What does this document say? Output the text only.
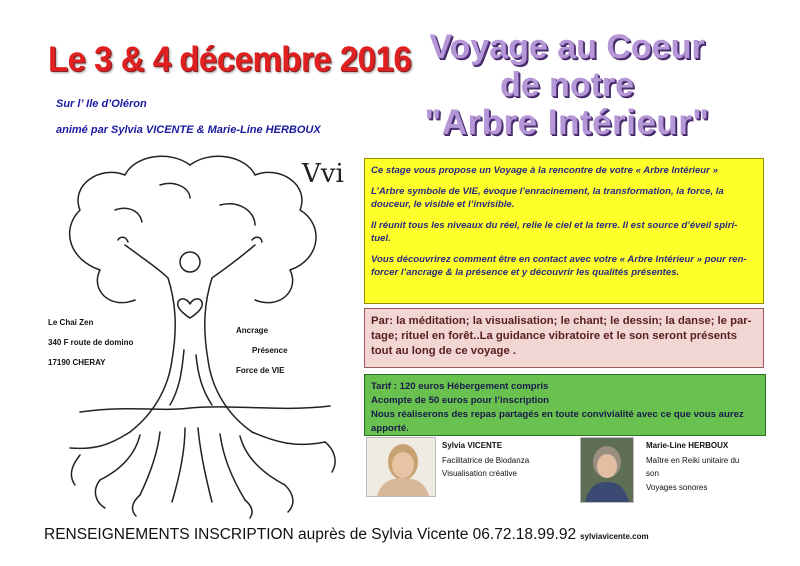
Le 3 & 4 décembre 2016
Sur l’ Ile d’Oléron
animé par Sylvia VICENTE & Marie-Line HERBOUX
Vvi
Le Chai Zen
340 F route de domino
17190 CHERAY
Ancrage
Présence
Force de VIE
Voyage au Coeur
de notre
"Arbre Intérieur"

Ce stage vous propose un Voyage à la rencontre de votre « Arbre Intérieur »

L’Arbre symbole de VIE, évoque l’enracinement, la transformation, la force, la douceur, le visible et l’invisible.

Il réunit tous les niveaux du réel, relie le ciel et la terre. Il est source d’éveil spiri-tuel.

Vous découvrirez comment être en contact avec votre « Arbre Intérieur » pour ren-forcer l’ancrage & la présence et y découvrir les qualités présentes.

Par: la méditation; la visualisation; le chant; le dessin; la danse; le par-tage; rituel en forêt..La guidance vibratoire et le son seront présents tout au long de ce voyage .
Tarif : 120 euros Hébergement compris
Acompte de 50 euros pour l’inscription
Nous réaliserons des repas partagés en toute convivialité avec ce que vous aurez apporté.
Sylvia VICENTE
Facilitatrice de Biodanza
Visualisation créative
Marie-Line HERBOUX
Maître en Reiki unitaire du
son
Voyages sonores
RENSEIGNEMENTS INSCRIPTION auprès de Sylvia Vicente 06.72.18.99.92 sylviavicente.com
